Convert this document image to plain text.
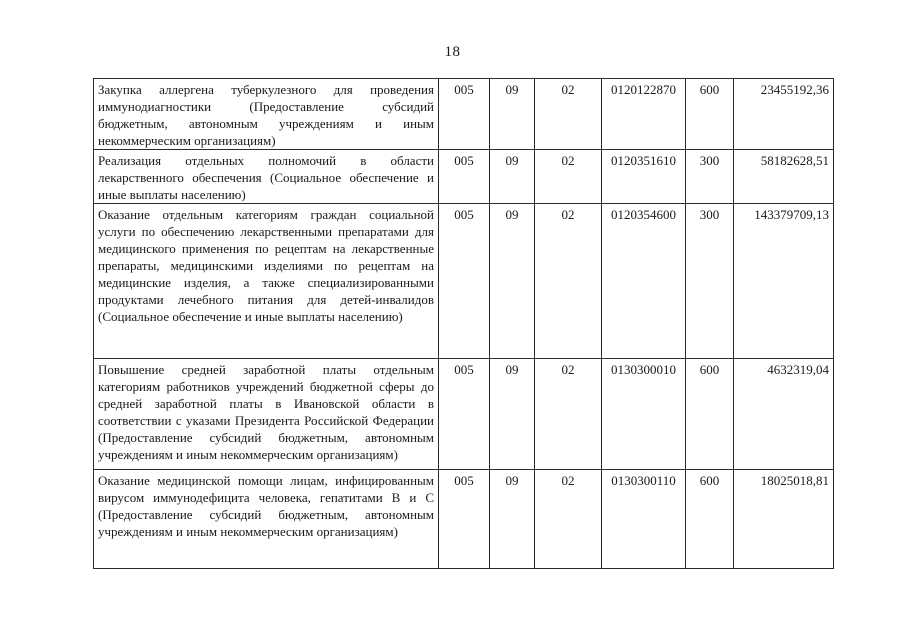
18
Закупка аллергена туберкулезного для проведения иммунодиагностики (Предоставление субсидий бюджетным, автономным учреждениям и иным некоммерческим организациям)	005	09	02	0120122870	600	23455192,36
Реализация отдельных полномочий в области лекарственного обеспечения (Социальное обеспечение и иные выплаты населению)	005	09	02	0120351610	300	58182628,51
Оказание отдельным категориям граждан социальной услуги по обеспечению лекарственными препаратами для медицинского применения по рецептам на лекарственные препараты, медицинскими изделиями по рецептам на медицинские изделия, а также специализированными продуктами лечебного питания для детей-инвалидов (Социальное обеспечение и иные выплаты населению)	005	09	02	0120354600	300	143379709,13
Повышение средней заработной платы отдельным категориям работников учреждений бюджетной сферы до средней заработной платы в Ивановской области в соответствии с указами Президента Российской Федерации (Предоставление субсидий бюджетным, автономным учреждениям и иным некоммерческим организациям)	005	09	02	0130300010	600	4632319,04
Оказание медицинской помощи лицам, инфицированным вирусом иммунодефицита человека, гепатитами В и С (Предоставление субсидий бюджетным, автономным учреждениям и иным некоммерческим организациям)	005	09	02	0130300110	600	18025018,81
